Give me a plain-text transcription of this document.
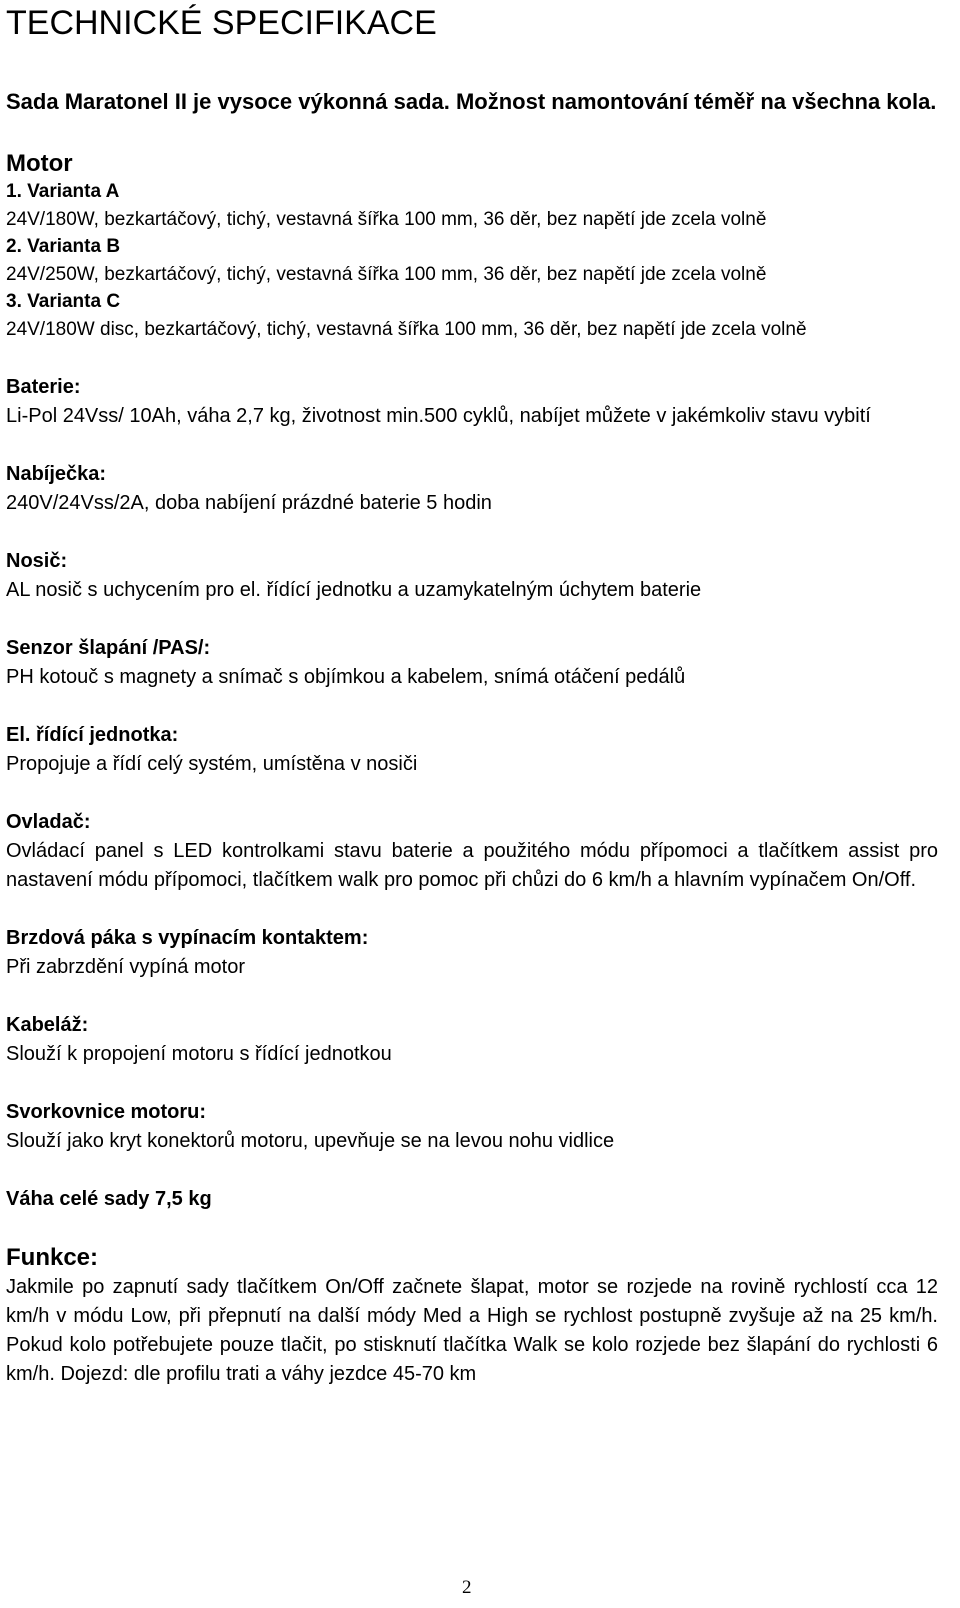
TECHNICKÉ SPECIFIKACE

Sada Maratonel II je vysoce výkonná sada. Možnost namontování téměř na všechna kola.

Motor
1. Varianta A
24V/180W, bezkartáčový, tichý, vestavná šířka 100 mm, 36 děr, bez napětí jde zcela volně
2. Varianta B
24V/250W, bezkartáčový, tichý, vestavná šířka 100 mm, 36 děr, bez napětí jde zcela volně
3. Varianta C
24V/180W disc, bezkartáčový, tichý, vestavná šířka 100 mm, 36 děr, bez napětí jde zcela volně
Baterie:
Li-Pol 24Vss/ 10Ah, váha 2,7 kg, životnost min.500 cyklů, nabíjet můžete v jakémkoliv stavu vybití
Nabíječka:
240V/24Vss/2A, doba nabíjení prázdné baterie 5 hodin
Nosič:
AL nosič s uchycením pro el. řídící jednotku a uzamykatelným úchytem baterie
Senzor šlapání /PAS/:
PH kotouč s magnety a snímač s objímkou a kabelem, snímá otáčení pedálů
El. řídící jednotka:
Propojuje a řídí celý systém, umístěna v nosiči
Ovladač:
Ovládací panel s LED kontrolkami stavu baterie a použitého módu přípomoci a tlačítkem assist pro nastavení módu přípomoci, tlačítkem walk pro pomoc při chůzi do 6 km/h a hlavním vypínačem On/Off.
Brzdová páka s vypínacím kontaktem:
Při zabrzdění vypíná motor
Kabeláž:
Slouží k propojení motoru s řídící jednotkou
Svorkovnice motoru:
Slouží jako kryt konektorů motoru, upevňuje se na levou nohu vidlice
Váha celé sady 7,5 kg
Funkce:
Jakmile po zapnutí sady tlačítkem On/Off začnete šlapat, motor se rozjede na rovině rychlostí cca 12 km/h v módu Low, při přepnutí na další módy Med a High se rychlost postupně zvyšuje až na 25 km/h. Pokud kolo potřebujete pouze tlačit, po stisknutí tlačítka Walk se kolo rozjede bez šlapání do rychlosti 6 km/h. Dojezd: dle profilu trati a váhy jezdce 45-70 km
2
